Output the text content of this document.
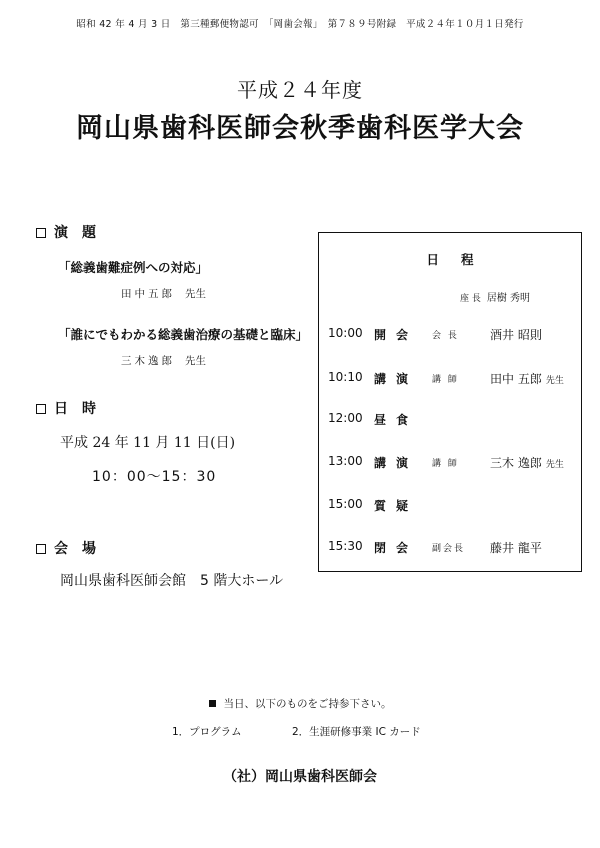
昭和 42 年 4 月 3 日　第三種郵便物認可　「岡歯会報」　第７８９号附録　平成２４年１０月１日発行
平成２４年度
岡山県歯科医師会秋季歯科医学大会
演　題
「総義歯難症例への対応」
田中五郎 先生
「誰にでもわかる総義歯治療の基礎と臨床」
三木逸郎 先生
日　時
平成 24 年 11 月 11 日(日)
10：00〜15：30
会　場
岡山県歯科医師会館　5 階大ホール
日程
座 長 居樹 秀明
10:00 開会 会 長	酒井 昭則
10:10 講演 講 師	田中 五郎 先生
12:00 昼食
13:00 講演 講 師	三木 逸郎 先生
15:00 質疑
15:30 閉会 副会長 藤井 龍平
当日、以下のものをご持参下さい。
1．プログラム	2．生涯研修事業 IC カード
（社）岡山県歯科医師会
